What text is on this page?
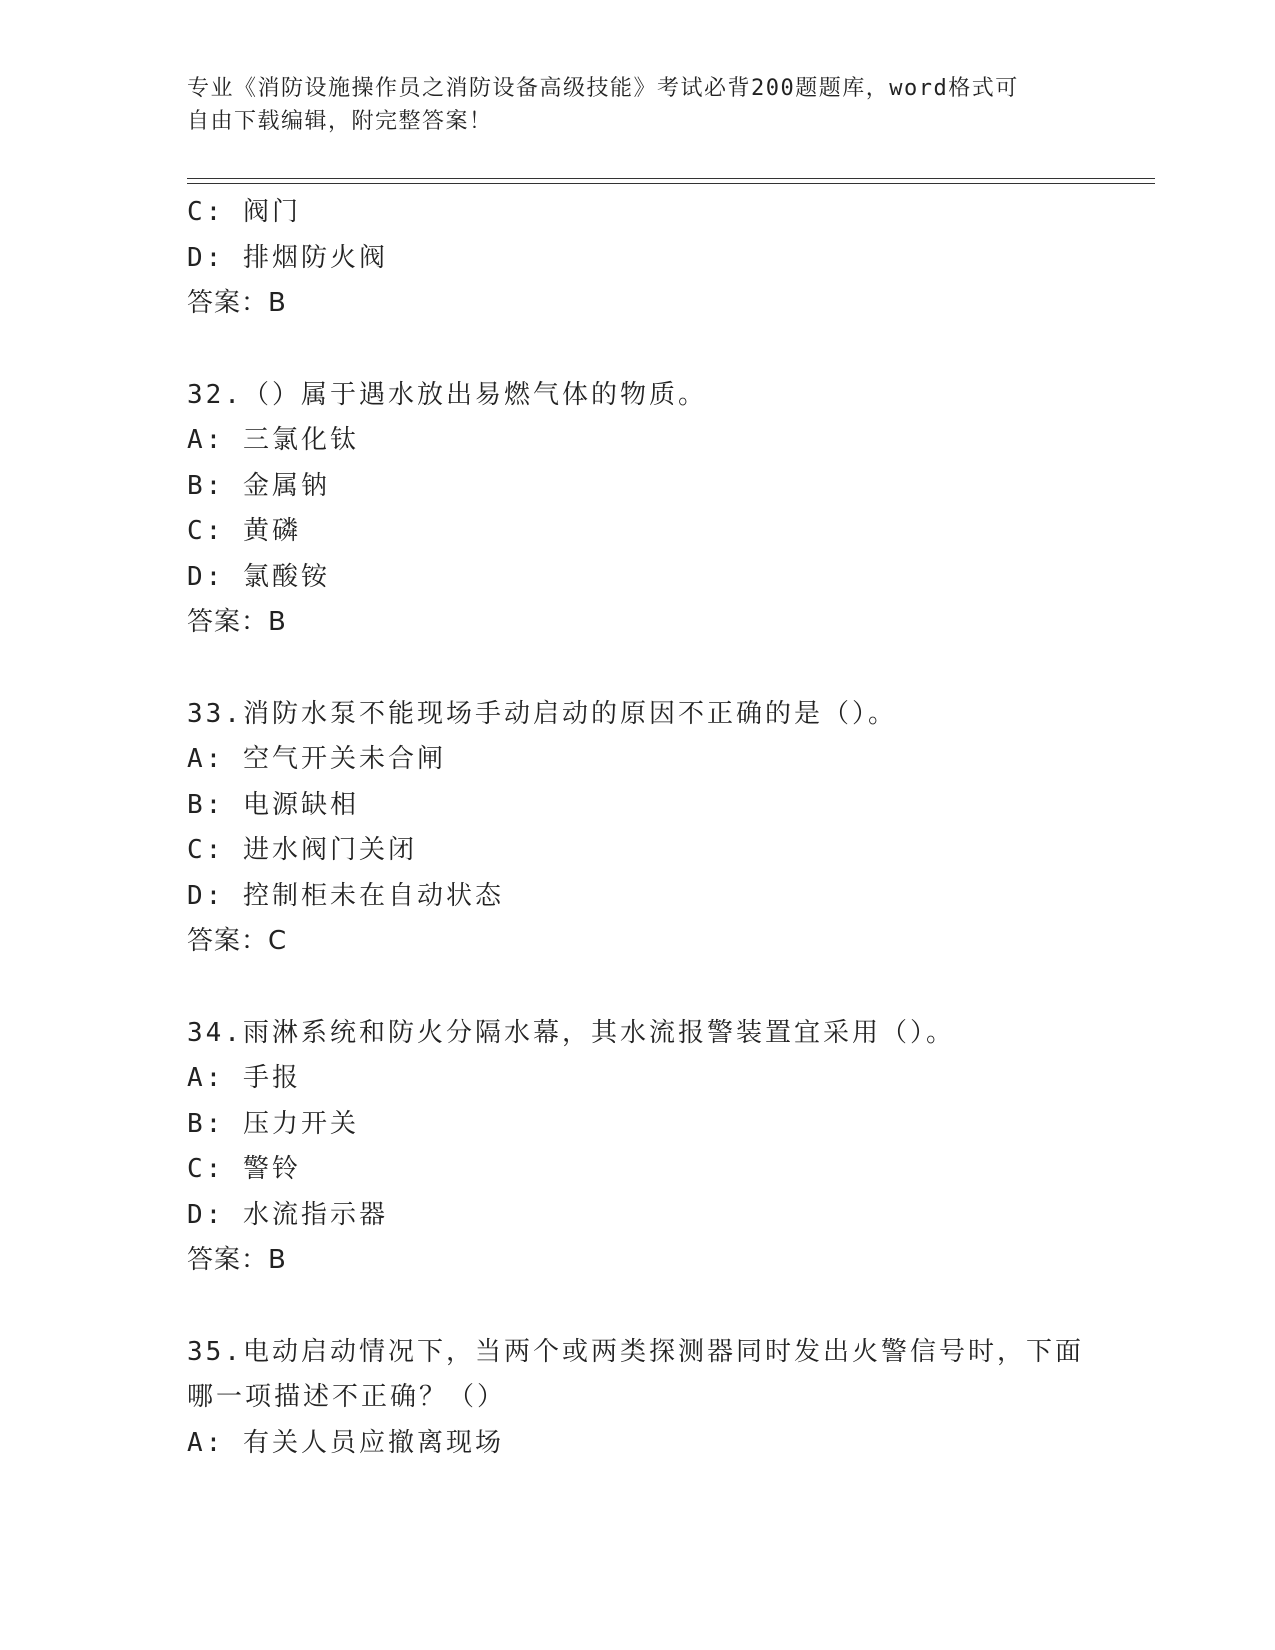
专业《消防设施操作员之消防设备高级技能》考试必背200题题库，word格式可
自由下载编辑，附完整答案！
C: 阀门
D: 排烟防火阀
答案：B
32.（）属于遇水放出易燃气体的物质。
A: 三氯化钛
B: 金属钠
C: 黄磷
D: 氯酸铵
答案：B
33.消防水泵不能现场手动启动的原因不正确的是（）。
A: 空气开关未合闸
B: 电源缺相
C: 进水阀门关闭
D: 控制柜未在自动状态
答案：C
34.雨淋系统和防火分隔水幕，其水流报警装置宜采用（）。
A: 手报
B: 压力开关
C: 警铃
D: 水流指示器
答案：B
35.电动启动情况下，当两个或两类探测器同时发出火警信号时，下面
哪一项描述不正确？（）
A: 有关人员应撤离现场
